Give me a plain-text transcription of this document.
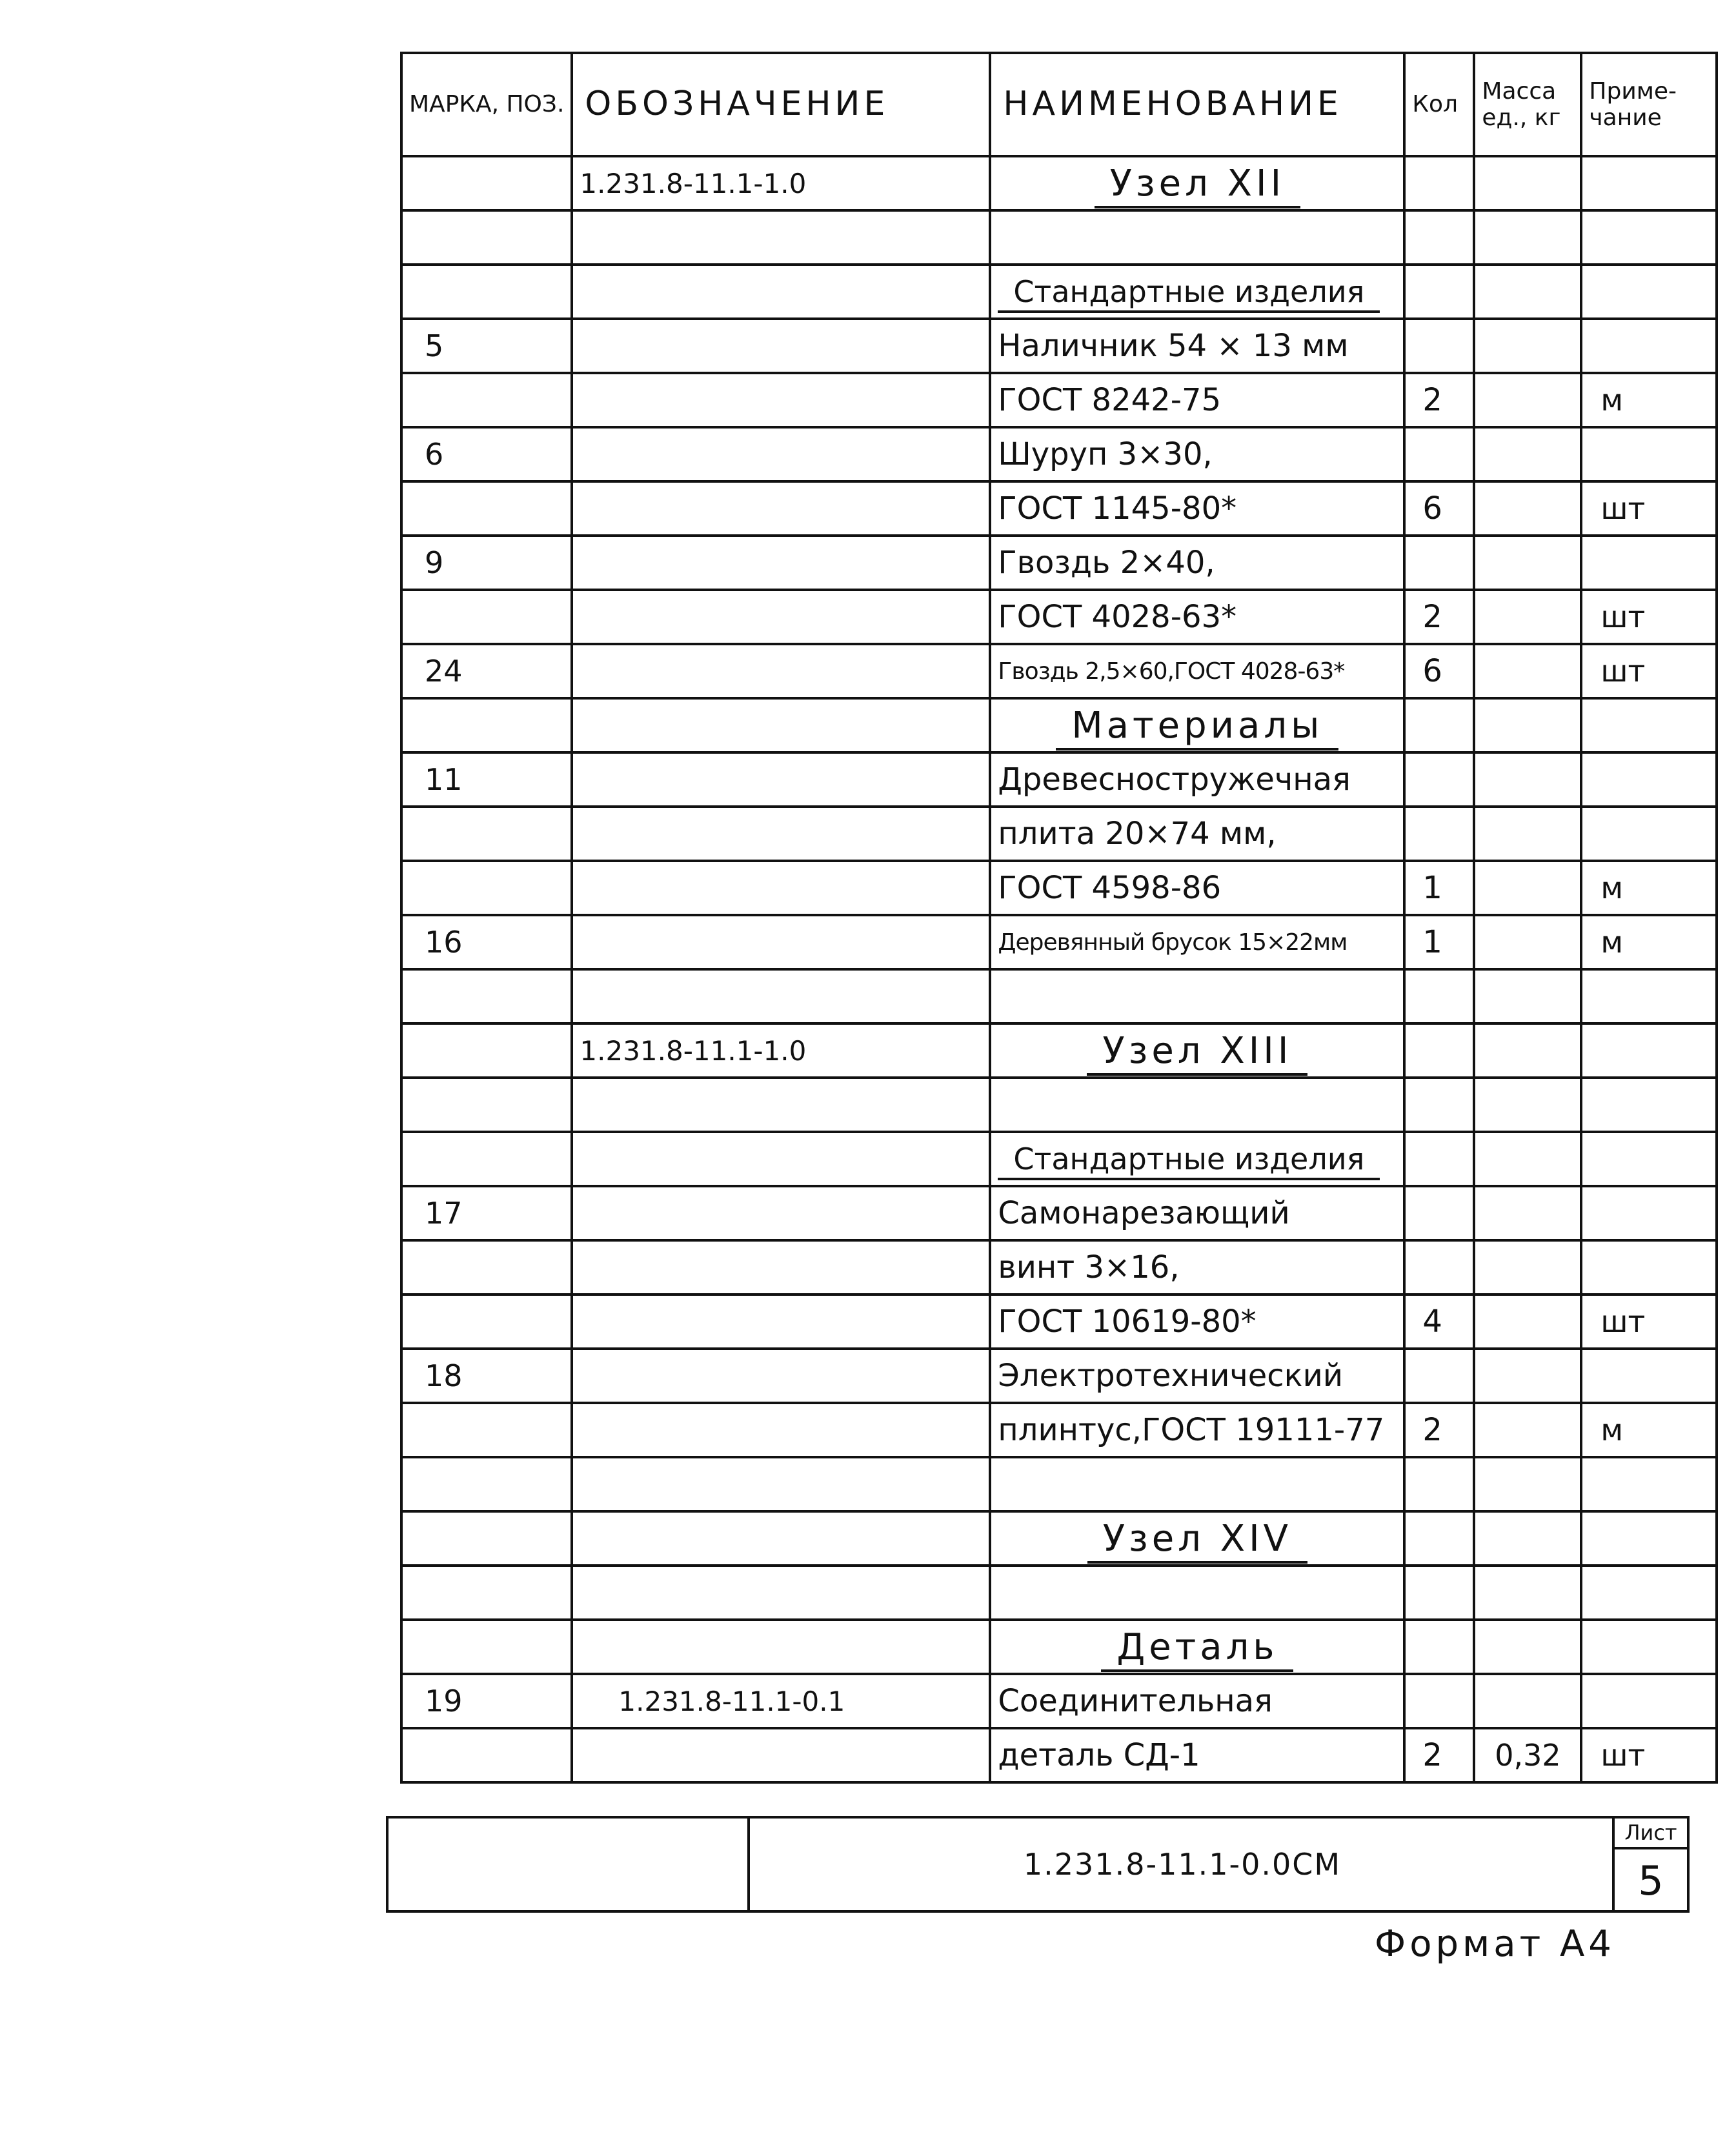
МАРКА, ПОЗ.	ОБОЗНАЧЕНИЕ	НАИМЕНОВАНИЕ	Кол	Масса ед., кг	Приме- чание
	1.231.8-11.1-1.0	Узел XII			

		Стандартные изделия			
5		Наличник 54 × 13 мм			
		ГОСТ 8242-75	2		м
6		Шуруп 3×30,			
		ГОСТ 1145-80*	6		шт
9		Гвоздь 2×40,			
		ГОСТ 4028-63*	2		шт
24		Гвоздь 2,5×60,ГОСТ 4028-63*	6		шт
		Материалы			
11		Древесностружечная			
		плита 20×74 мм,			
		ГОСТ 4598-86	1		м
16		Деревянный брусок 15×22мм	1		м

	1.231.8-11.1-1.0	Узел XIII			

		Стандартные изделия			
17		Самонарезающий			
		винт 3×16,			
		ГОСТ 10619-80*	4		шт
18		Электротехнический			
		плинтус,ГОСТ 19111-77	2		м

		Узел XIV			

		Деталь			
19	1.231.8-11.1-0.1	Соединительная			
		деталь СД-1	2	0,32	шт
1.231.8-11.1-0.0СМ
Лист
5
Формат А4
